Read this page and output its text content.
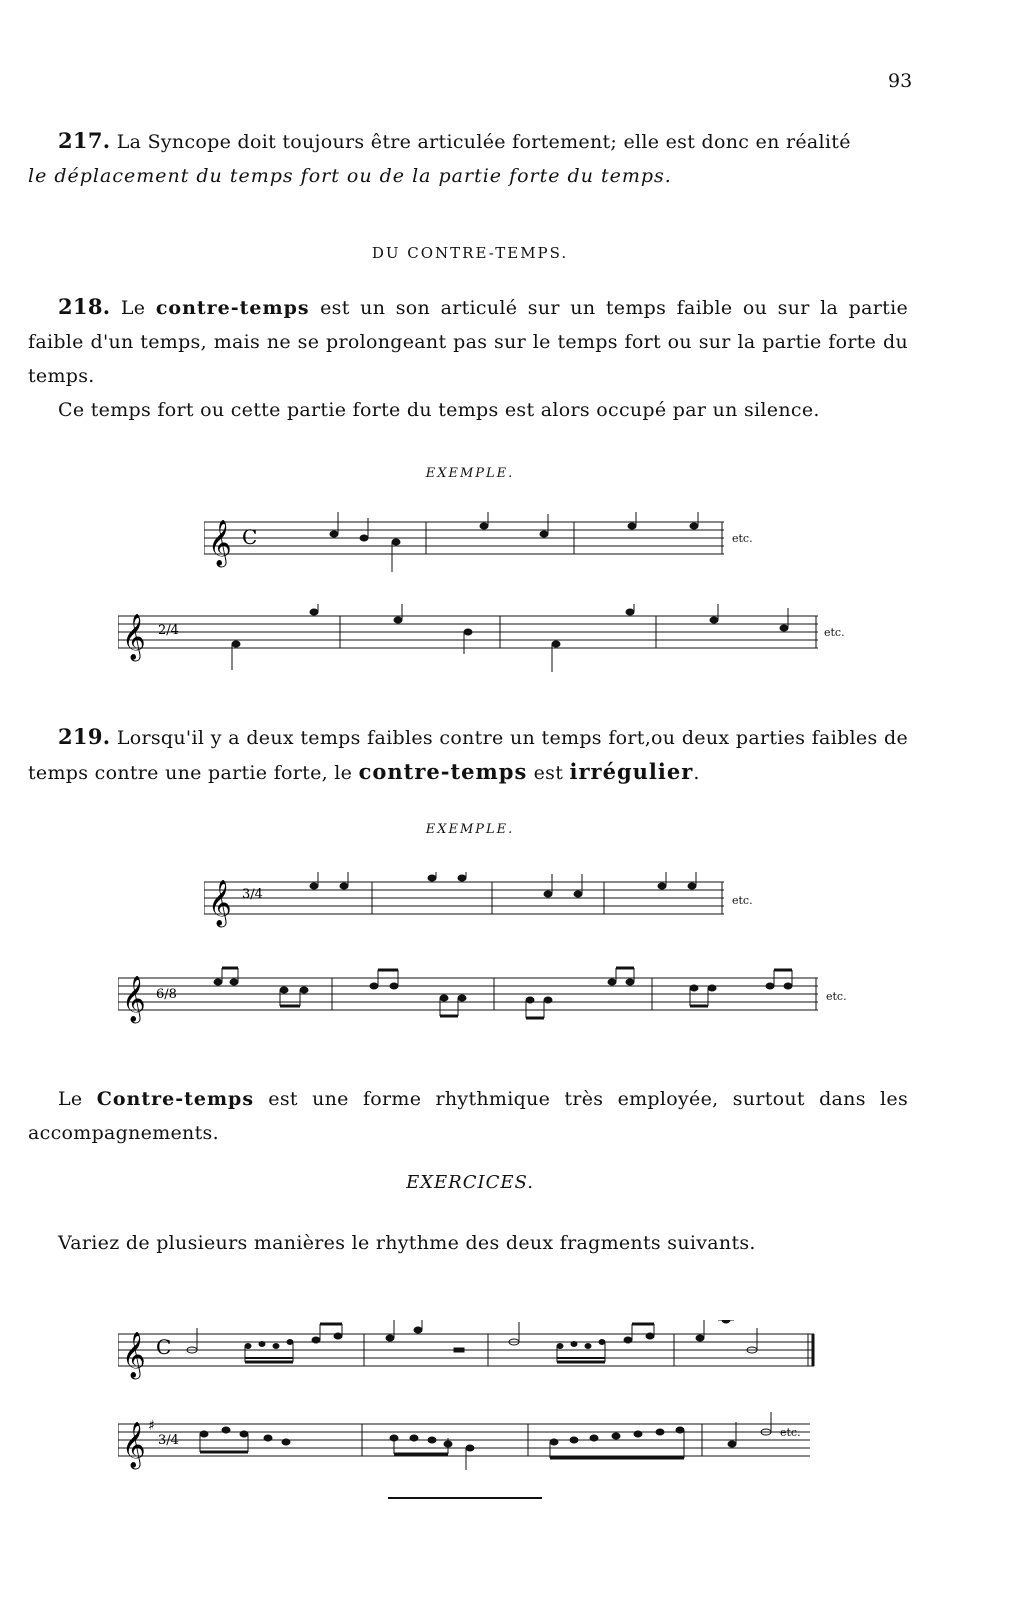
93
217. La Syncope doit toujours être articulée fortement; elle est donc en réalité
le déplacement du temps fort ou de la partie forte du temps.
DU CONTRE-TEMPS.
218. Le contre-temps est un son articulé sur un temps faible ou sur la partie faible d'un temps, mais ne se prolongeant pas sur le temps fort ou sur la partie forte du temps.
Ce temps fort ou cette partie forte du temps est alors occupé par un silence.
EXEMPLE.
𝄞 C	etc.
𝄞 2/4	etc.
219. Lorsqu'il y a deux temps faibles contre un temps fort,ou deux parties faibles de temps contre une partie forte, le contre-temps est irrégulier.
EXEMPLE.
𝄞 3/4	etc.
𝄞 6/8	etc.
Le Contre-temps est une forme rhythmique très employée, surtout dans les accompagnements.
EXERCICES.
Variez de plusieurs manières le rhythme des deux fragments suivants.
𝄞 C
𝄞 ♯
3/4
etc.
